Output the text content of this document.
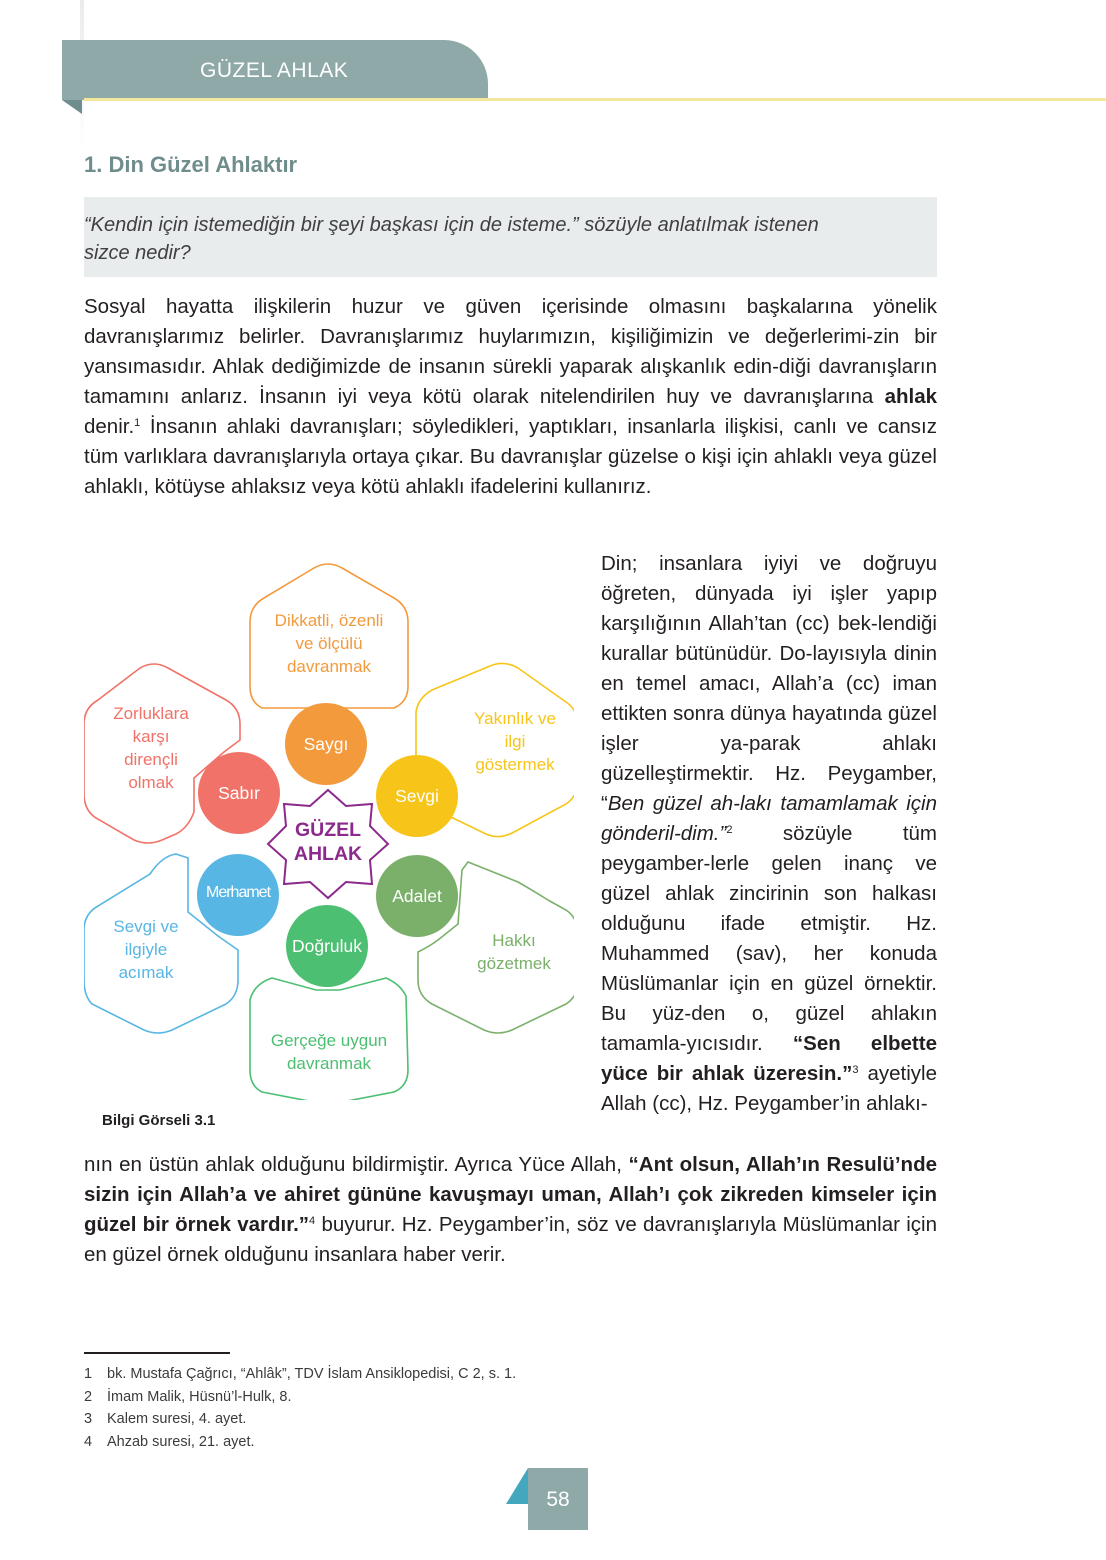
GÜZEL AHLAK
1. Din Güzel Ahlaktır
“Kendin için istemediğin bir şeyi başkası için de isteme.” sözüyle anlatılmak istenen
sizce nedir?
Sosyal hayatta ilişkilerin huzur ve güven içerisinde olmasını başkalarına yönelik davranışlarımız belirler. Davranışlarımız huylarımızın, kişiliğimizin ve değerlerimi-zin bir yansımasıdır. Ahlak dediğimizde de insanın sürekli yaparak alışkanlık edin-diği davranışların tamamını anlarız. İnsanın iyi veya kötü olarak nitelendirilen huy ve davranışlarına ahlak denir.$^1$ İnsanın ahlaki davranışları; söyledikleri, yaptıkları, insanlarla ilişkisi, canlı ve cansız tüm varlıklara davranışlarıyla ortaya çıkar. Bu davranışlar güzelse o kişi için ahlaklı veya güzel ahlaklı, kötüyse ahlaksız veya kötü ahlaklı ifadelerini kullanırız.
Din; insanlara iyiyi ve doğruyu öğreten, dünyada iyi işler yapıp karşılığının Allah’tan (cc) bek-lendiği kurallar bütünüdür. Do-layısıyla dinin en temel amacı, Allah’a (cc) iman ettikten sonra dünya hayatında güzel işler ya-parak ahlakı güzelleştirmektir. Hz. Peygamber, “Ben güzel ah-lakı tamamlamak için gönderil-dim.”$^2$ sözüyle tüm peygamber-lerle gelen inanç ve güzel ahlak zincirinin son halkası olduğunu ifade etmiştir. Hz. Muhammed (sav), her konuda Müslümanlar için en güzel örnektir. Bu yüz-den o, güzel ahlakın tamamla-yıcısıdır. “Sen elbette yüce bir ahlak üzeresin.”$^3$ ayetiyle Allah (cc), Hz. Peygamber’in ahlakı-
nın en üstün ahlak olduğunu bildirmiştir. Ayrıca Yüce Allah, “Ant olsun, Allah’ın Resulü’nde sizin için Allah’a ve ahiret gününe kavuşmayı uman, Allah’ı çok zikreden kimseler için güzel bir örnek vardır.”$^4$ buyurur. Hz. Peygamber’in, söz ve davranışlarıyla Müslümanlar için en güzel örnek olduğunu insanlara haber verir.
Dikkatli, özenli
ve ölçülü
davranmak
Yakınlık ve
ilgi
göstermek
Hakkı
gözetmek
Gerçeğe uygun
davranmak
Sevgi ve
ilgiyle
acımak
Zorluklara
karşı
dirençli
olmak
Saygı
Sevgi
Adalet
Doğruluk
Merhamet
Sabır
GÜZEL
AHLAK
Bilgi Görseli 3.1
1	bk. Mustafa Çağrıcı, “Ahlâk”, TDV İslam Ansiklopedisi, C 2, s. 1.
2	İmam Malik, Hüsnü’l-Hulk, 8.
3	Kalem suresi, 4. ayet.
4	Ahzab suresi, 21. ayet.
58
